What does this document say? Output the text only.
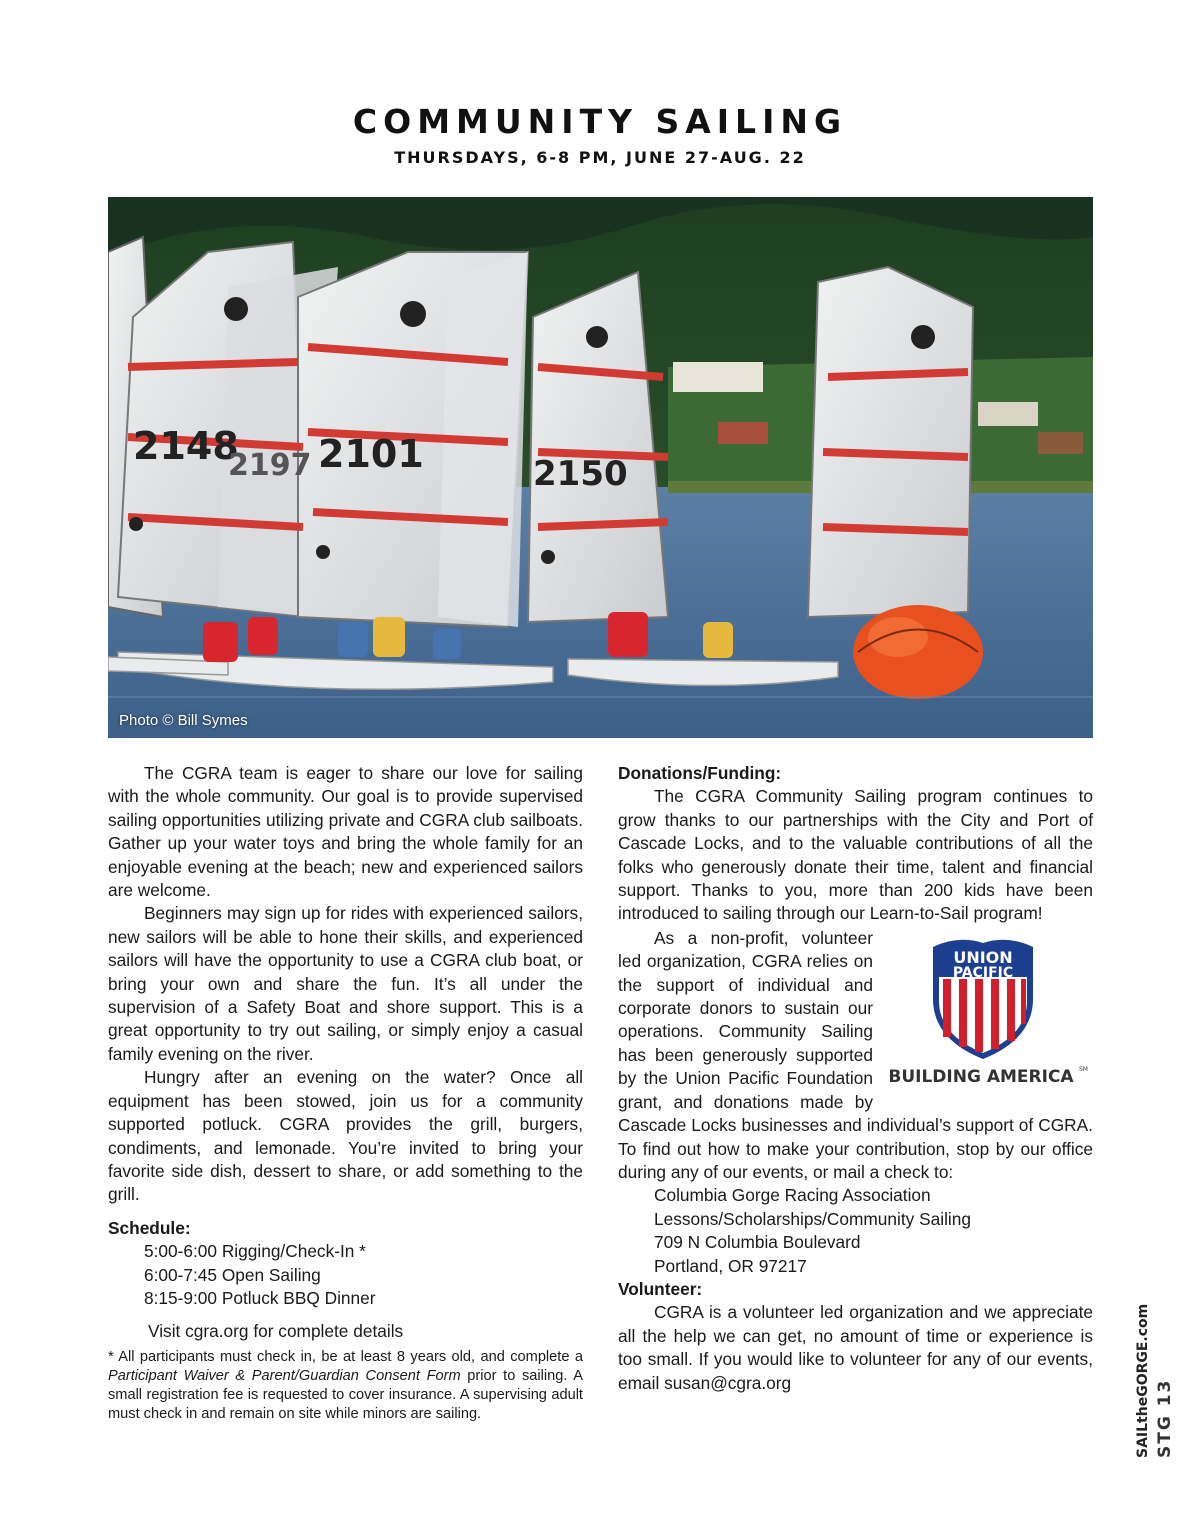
COMMUNITY SAILING
THURSDAYS, 6-8 PM, JUNE 27-AUG. 22
2148
2197 2101	2150
Photo © Bill Symes

The CGRA team is eager to share our love for sailing with the whole community. Our goal is to provide supervised sailing opportunities utilizing private and CGRA club sailboats. Gather up your water toys and bring the whole family for an enjoyable evening at the beach; new and experienced sailors are welcome.

Beginners may sign up for rides with experienced sailors, new sailors will be able to hone their skills, and experienced sailors will have the opportunity to use a CGRA club boat, or bring your own and share the fun. It’s all under the supervision of a Safety Boat and shore support. This is a great opportunity to try out sailing, or simply enjoy a casual family evening on the river.

Hungry after an evening on the water? Once all equipment has been stowed, join us for a community supported potluck. CGRA provides the grill, burgers, condiments, and lemonade. You’re invited to bring your favorite side dish, dessert to share, or add something to the grill.

Schedule:
5:00-6:00 Rigging/Check-In *
6:00-7:45 Open Sailing
8:15-9:00 Potluck BBQ Dinner
Visit cgra.org for complete details
* All participants must check in, be at least 8 years old, and complete a Participant Waiver & Parent/Guardian Consent Form prior to sailing. A small registration fee is requested to cover insurance. A supervising adult must check in and remain on site while minors are sailing.
Donations/Funding:

The CGRA Community Sailing program continues to grow thanks to our partnerships with the City and Port of Cascade Locks, and to the valuable contributions of all the folks who generously donate their time, talent and financial support. Thanks to you, more than 200 kids have been introduced to sailing through our Learn-to-Sail program!

UNION
PACIFIC
BUILDING AMERICA SM

As a non-profit, volunteer led organization, CGRA relies on the support of individual and corporate donors to sustain our operations. Community Sailing has been generously supported by the Union Pacific Foundation grant, and donations made by Cascade Locks businesses and individual’s support of CGRA. To find out how to make your contribution, stop by our office during any of our events, or mail a check to:

Columbia Gorge Racing Association
Lessons/Scholarships/Community Sailing
709 N Columbia Boulevard
Portland, OR 97217
Volunteer:

CGRA is a volunteer led organization and we appreciate all the help we can get, no amount of time or experience is too small. If you would like to volunteer for any of our events, email susan@cgra.org	SAILtheGORGE.com STG 13
